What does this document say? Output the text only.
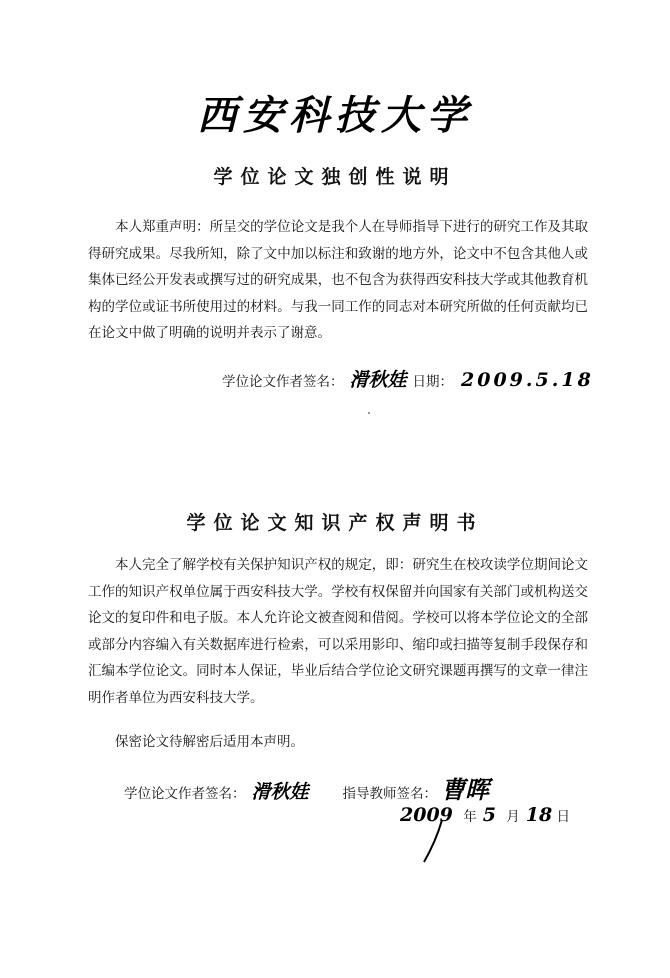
西安科技大学
学位论文独创性说明
本人郑重声明：所呈交的学位论文是我个人在导师指导下进行的研究工作及其取得研究成果。尽我所知，除了文中加以标注和致谢的地方外，论文中不包含其他人或集体已经公开发表或撰写过的研究成果，也不包含为获得西安科技大学或其他教育机构的学位或证书所使用过的材料。与我一同工作的同志对本研究所做的任何贡献均已在论文中做了明确的说明并表示了谢意。
学位论文作者签名： 滑秋娃 日期： 2009.5.18
学位论文知识产权声明书
本人完全了解学校有关保护知识产权的规定，即：研究生在校攻读学位期间论文工作的知识产权单位属于西安科技大学。学校有权保留并向国家有关部门或机构送交论文的复印件和电子版。本人允许论文被查阅和借阅。学校可以将本学位论文的全部或部分内容编入有关数据库进行检索，可以采用影印、缩印或扫描等复制手段保存和汇编本学位论文。同时本人保证，毕业后结合学位论文研究课题再撰写的文章一律注明作者单位为西安科技大学。
保密论文待解密后适用本声明。
学位论文作者签名： 滑秋娃	指导教师签名： 曹晖
2009 年 5 月 18 日
